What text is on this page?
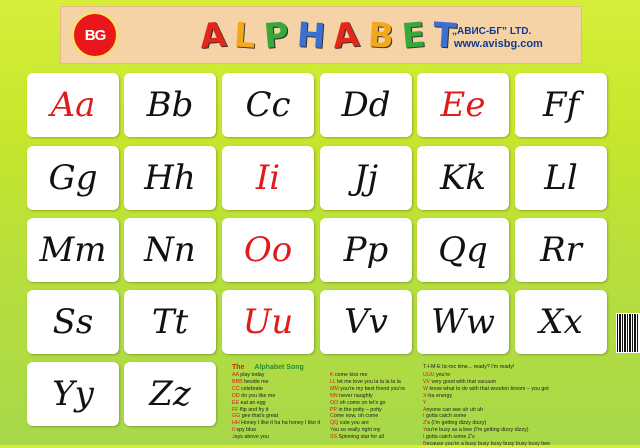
BG	A L P H A B E T
„АВИС-БГ” LTD.
www.avisbg.com
Aa	Bb	Cc	Dd	Ee	Ff
Gg	Hh	Ii	Jj	Kk	Ll
Mm	Nn	Oo	Pp	Qq	Rr
Ss	Tt	Uu	Vv	Ww	Xx
Yy	Zz
The Alphabet Song
AA play today
BBB beside me
CC celebrate
DD do you like me
EE eat an egg
FF flip and fry it
GG gee that's great
HH Honey I like it ha ha honey I like it
II spy blue
Jays above you
K come kiss me
LL let me love you la la la la la
MM you're my best friend you're
NN never naughty
OO oh come on let's go
PP in the potty – potty
Come now, oh come
QQ cute you are
You so really right my
SS Spinning star for all
T-I-M-E tic-toc time... ready? I'm ready!
UUU you're
VV very good with that vacuum
W know what to do with that wooden broom – you got
X-tra energy
Y
Anyone can see uh uh uh
I gotta catch some
Z's (I'm getting dizzy dizzy)
You're busy as a bee (I'm getting dizzy dizzy)
I gotta catch some Z's
Because you're a busy busy busy busy busy busy bee
